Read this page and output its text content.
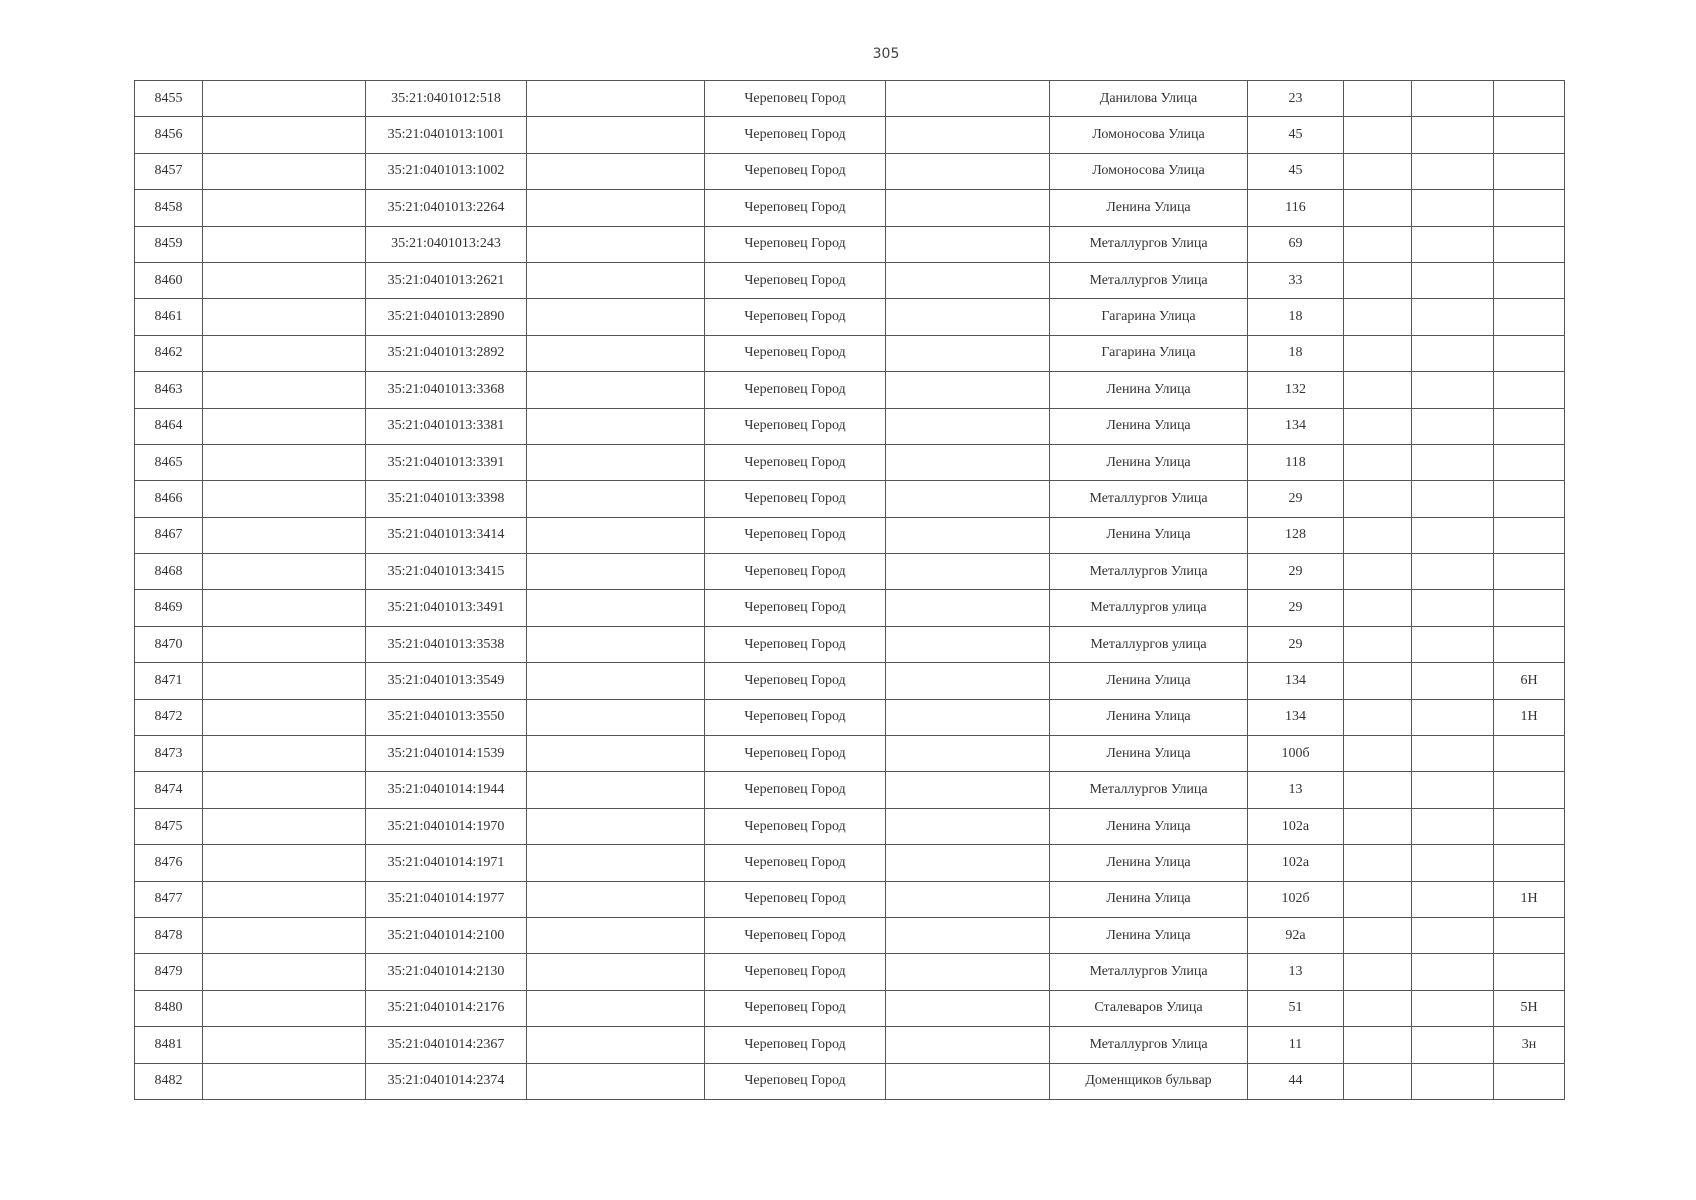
305
8455		35:21:0401012:518		Череповец Город		Данилова Улица	23			
8456		35:21:0401013:1001		Череповец Город		Ломоносова Улица	45			
8457		35:21:0401013:1002		Череповец Город		Ломоносова Улица	45			
8458		35:21:0401013:2264		Череповец Город		Ленина Улица	116			
8459		35:21:0401013:243		Череповец Город		Металлургов Улица	69			
8460		35:21:0401013:2621		Череповец Город		Металлургов Улица	33			
8461		35:21:0401013:2890		Череповец Город		Гагарина Улица	18			
8462		35:21:0401013:2892		Череповец Город		Гагарина Улица	18			
8463		35:21:0401013:3368		Череповец Город		Ленина Улица	132			
8464		35:21:0401013:3381		Череповец Город		Ленина Улица	134			
8465		35:21:0401013:3391		Череповец Город		Ленина Улица	118			
8466		35:21:0401013:3398		Череповец Город		Металлургов Улица	29			
8467		35:21:0401013:3414		Череповец Город		Ленина Улица	128			
8468		35:21:0401013:3415		Череповец Город		Металлургов Улица	29			
8469		35:21:0401013:3491		Череповец Город		Металлургов улица	29			
8470		35:21:0401013:3538		Череповец Город		Металлургов улица	29			
8471		35:21:0401013:3549		Череповец Город		Ленина Улица	134			6Н
8472		35:21:0401013:3550		Череповец Город		Ленина Улица	134			1Н
8473		35:21:0401014:1539		Череповец Город		Ленина Улица	100б			
8474		35:21:0401014:1944		Череповец Город		Металлургов Улица	13			
8475		35:21:0401014:1970		Череповец Город		Ленина Улица	102а			
8476		35:21:0401014:1971		Череповец Город		Ленина Улица	102а			
8477		35:21:0401014:1977		Череповец Город		Ленина Улица	102б			1Н
8478		35:21:0401014:2100		Череповец Город		Ленина Улица	92а			
8479		35:21:0401014:2130		Череповец Город		Металлургов Улица	13			
8480		35:21:0401014:2176		Череповец Город		Сталеваров Улица	51			5Н
8481		35:21:0401014:2367		Череповец Город		Металлургов Улица	11			3н
8482		35:21:0401014:2374		Череповец Город		Доменщиков бульвар	44			
